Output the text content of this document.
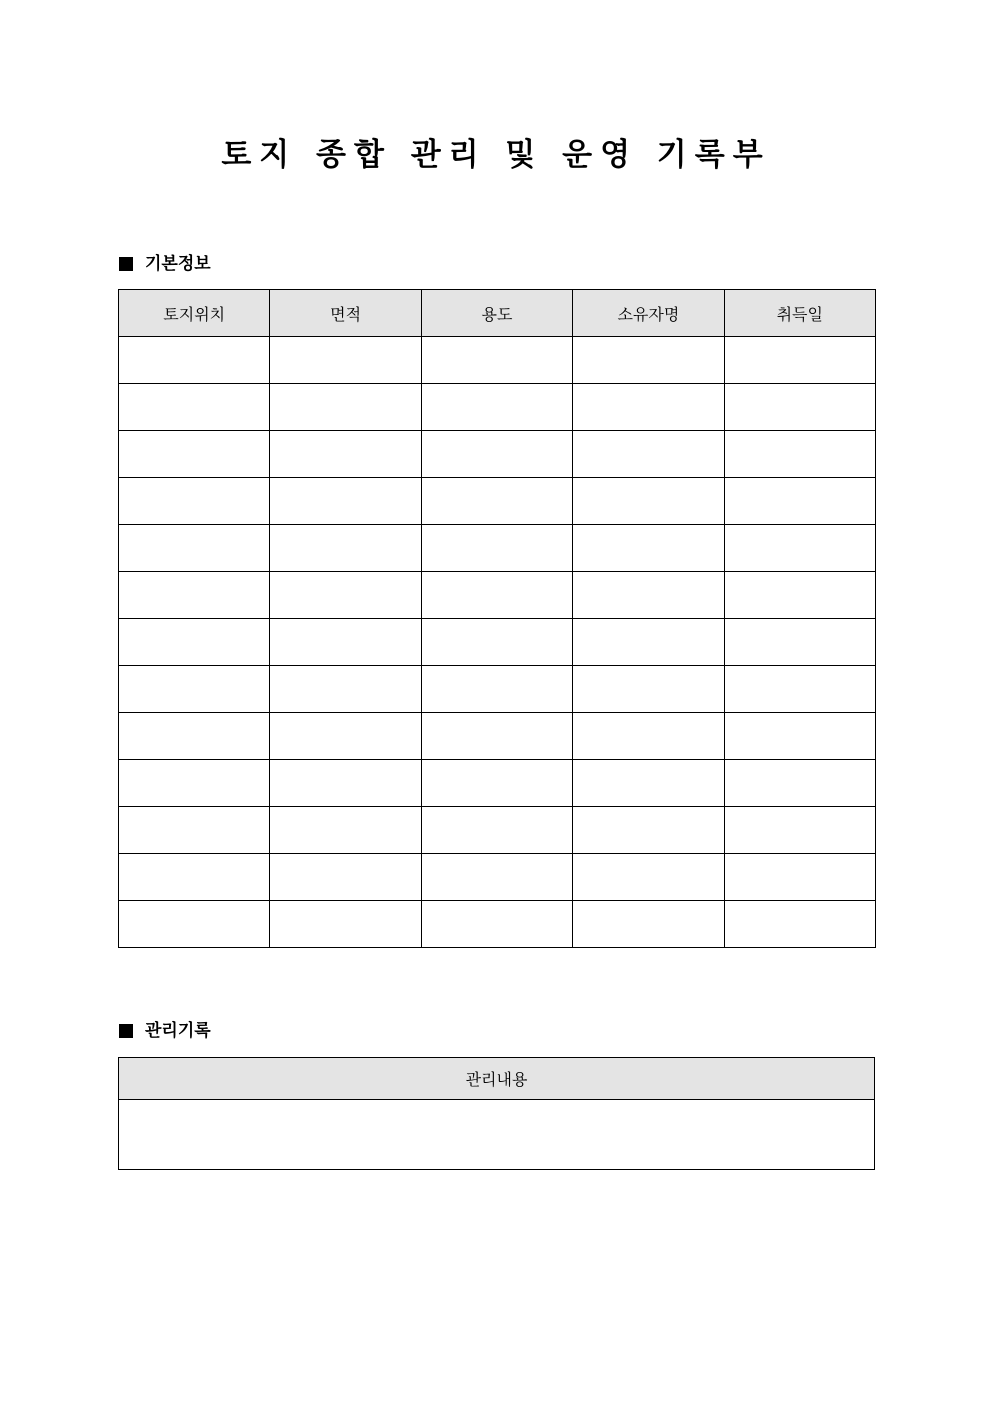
토지 종합 관리 및 운영 기록부
기본정보
토지위치	면적	용도	소유자명	취득일

관리기록
관리내용
